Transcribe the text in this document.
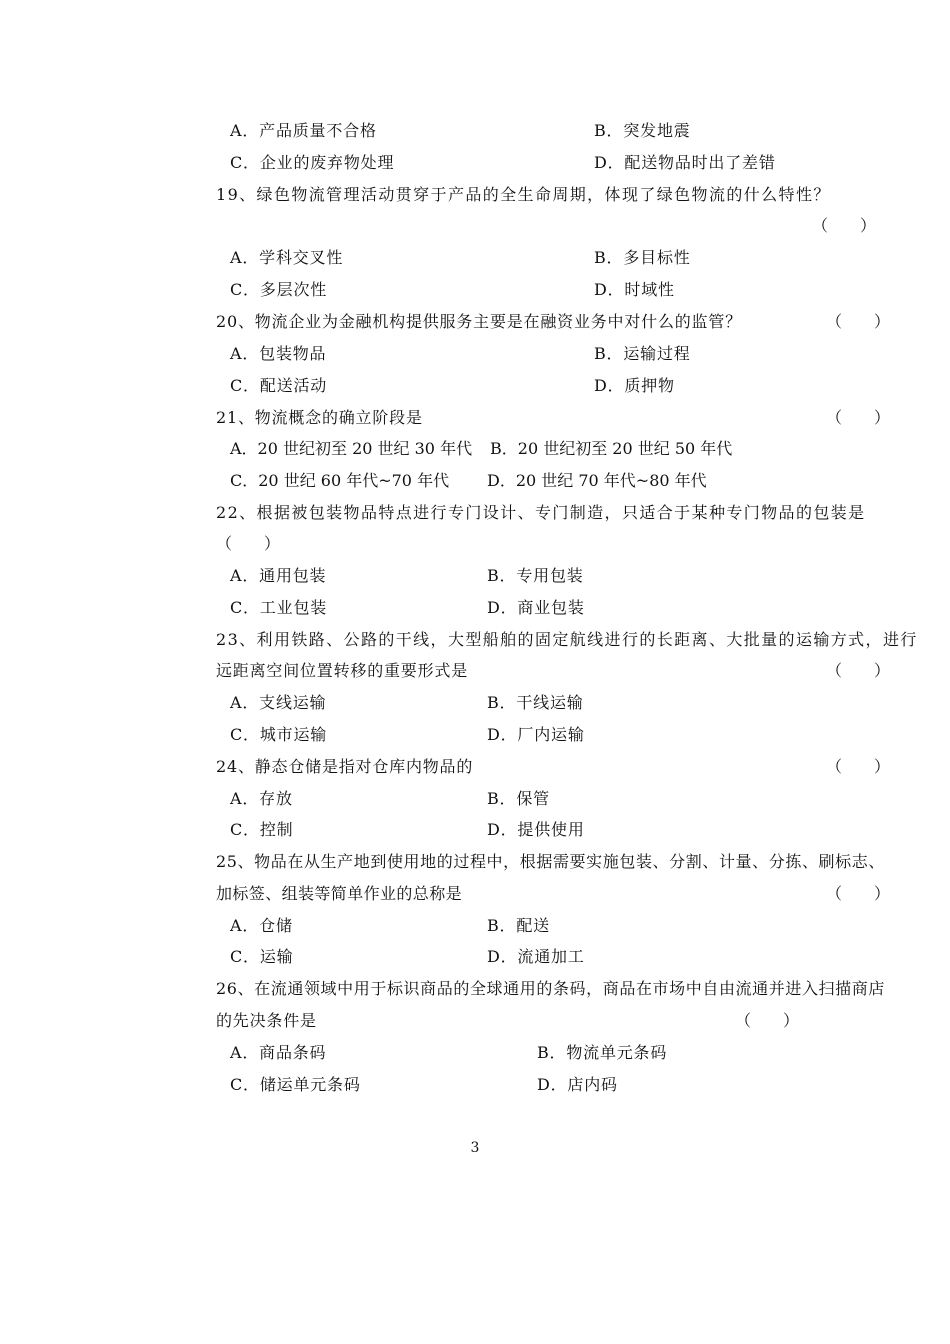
A．产品质量不合格	B．突发地震
C．企业的废弃物处理	D．配送物品时出了差错
19、绿色物流管理活动贯穿于产品的全生命周期，体现了绿色物流的什么特性？
（　　）
A．学科交叉性	B．多目标性
C．多层次性	D．时域性
20、物流企业为金融机构提供服务主要是在融资业务中对什么的监管？	（　　）
A．包装物品	B．运输过程
C．配送活动	D．质押物
21、物流概念的确立阶段是	（　　）
A．20 世纪初至 20 世纪 30 年代 B．20 世纪初至 20 世纪 50 年代
C．20 世纪 60 年代~70 年代 D．20 世纪 70 年代~80 年代
22、根据被包装物品特点进行专门设计、专门制造，只适合于某种专门物品的包装是
（　　）
A．通用包装	B．专用包装
C．工业包装	D．商业包装
23、利用铁路、公路的干线，大型船舶的固定航线进行的长距离、大批量的运输方式，进行
远距离空间位置转移的重要形式是	（　　）
A．支线运输	B．干线运输
C．城市运输	D．厂内运输
24、静态仓储是指对仓库内物品的	（　　）
A．存放	B．保管
C．控制	D．提供使用
25、物品在从生产地到使用地的过程中，根据需要实施包装、分割、计量、分拣、刷标志、
加标签、组装等简单作业的总称是	（　　）
A．仓储	B．配送
C．运输	D．流通加工
26、在流通领域中用于标识商品的全球通用的条码，商品在市场中自由流通并进入扫描商店
的先决条件是	（　　）
A．商品条码	B．物流单元条码
C．储运单元条码	D．店内码
3
